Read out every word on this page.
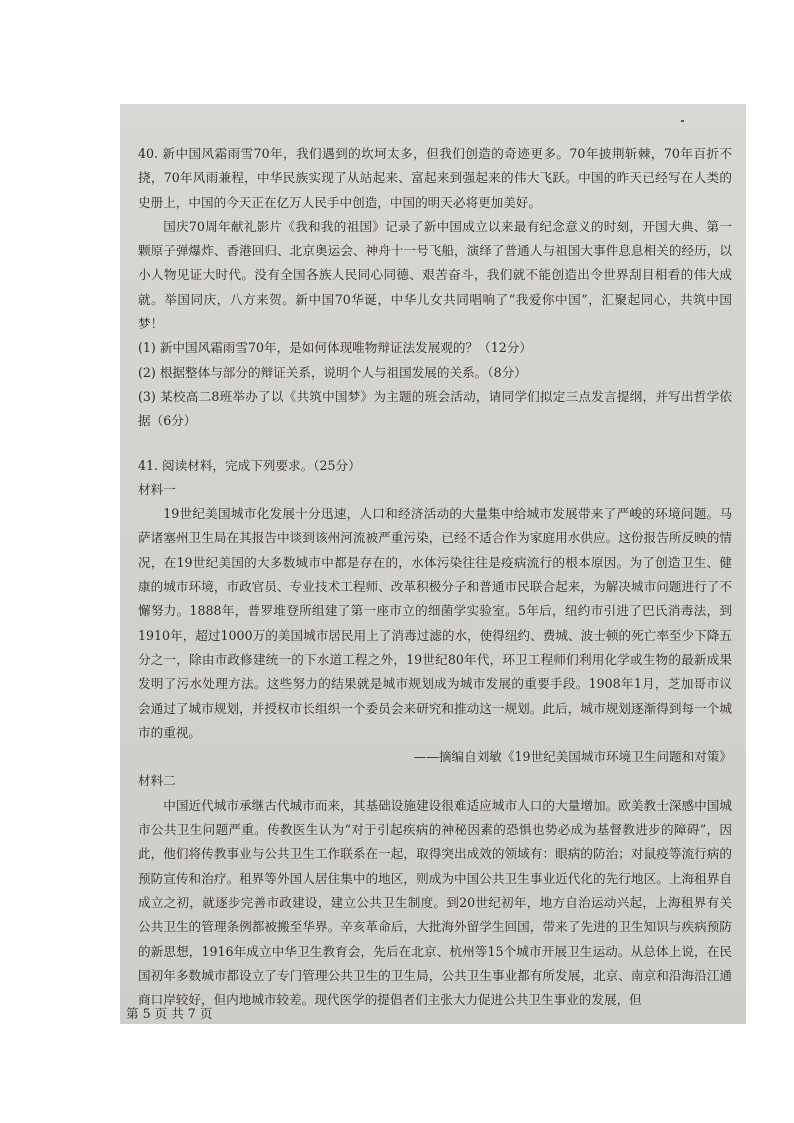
40. 新中国风霜雨雪70年，我们遇到的坎坷太多，但我们创造的奇迹更多。70年披荆斩棘，70年百折不挠，70年风雨兼程，中华民族实现了从站起来、富起来到强起来的伟大飞跃。中国的昨天已经写在人类的史册上，中国的今天正在亿万人民手中创造，中国的明天必将更加美好。

国庆70周年献礼影片《我和我的祖国》记录了新中国成立以来最有纪念意义的时刻，开国大典、第一颗原子弹爆炸、香港回归、北京奥运会、神舟十一号飞船，演绎了普通人与祖国大事件息息相关的经历，以小人物见证大时代。没有全国各族人民同心同德、艰苦奋斗，我们就不能创造出令世界刮目相看的伟大成就。举国同庆，八方来贺。新中国70华诞，中华儿女共同唱响了“我爱你中国”，汇聚起同心，共筑中国梦！

(1) 新中国风霜雨雪70年，是如何体现唯物辩证法发展观的？（12分）

(2) 根据整体与部分的辩证关系，说明个人与祖国发展的关系。（8分）

(3) 某校高二8班举办了以《共筑中国梦》为主题的班会活动，请同学们拟定三点发言提纲，并写出哲学依据（6分）

41. 阅读材料，完成下列要求。（25分）

材料一

19世纪美国城市化发展十分迅速，人口和经济活动的大量集中给城市发展带来了严峻的环境问题。马萨诸塞州卫生局在其报告中谈到该州河流被严重污染，已经不适合作为家庭用水供应。这份报告所反映的情况，在19世纪美国的大多数城市中都是存在的，水体污染往往是疫病流行的根本原因。为了创造卫生、健康的城市环境，市政官员、专业技术工程师、改革积极分子和普通市民联合起来，为解决城市问题进行了不懈努力。1888年，普罗堆登所组建了第一座市立的细菌学实验室。5年后，纽约市引进了巴氏消毒法，到1910年，超过1000万的美国城市居民用上了消毒过滤的水，使得纽约、费城、波士顿的死亡率至少下降五分之一，除由市政修建统一的下水道工程之外，19世纪80年代，环卫工程师们利用化学或生物的最新成果发明了污水处理方法。这些努力的结果就是城市规划成为城市发展的重要手段。1908年1月，芝加哥市议会通过了城市规划，并授权市长组织一个委员会来研究和推动这一规划。此后，城市规划逐渐得到每一个城市的重视。

——摘编自刘敏《19世纪美国城市环境卫生问题和对策》

材料二

中国近代城市承继古代城市而来，其基础设施建设很难适应城市人口的大量增加。欧美教士深感中国城市公共卫生问题严重。传教医生认为“对于引起疾病的神秘因素的恐惧也势必成为基督教进步的障碍”，因此，他们将传教事业与公共卫生工作联系在一起，取得突出成效的领域有：眼病的防治；对鼠疫等流行病的预防宣传和治疗。租界等外国人居住集中的地区，则成为中国公共卫生事业近代化的先行地区。上海租界自成立之初，就逐步完善市政建设，建立公共卫生制度。到20世纪初年，地方自治运动兴起，上海租界有关公共卫生的管理条例都被搬至华界。辛亥革命后，大批海外留学生回国，带来了先进的卫生知识与疾病预防的新思想，1916年成立中华卫生教育会，先后在北京、杭州等15个城市开展卫生运动。从总体上说，在民国初年多数城市都设立了专门管理公共卫生的卫生局，公共卫生事业都有所发展，北京、南京和沿海沿江通商口岸较好，但内地城市较差。现代医学的提倡者们主张大力促进公共卫生事业的发展，但

第 5 页 共 7 页
